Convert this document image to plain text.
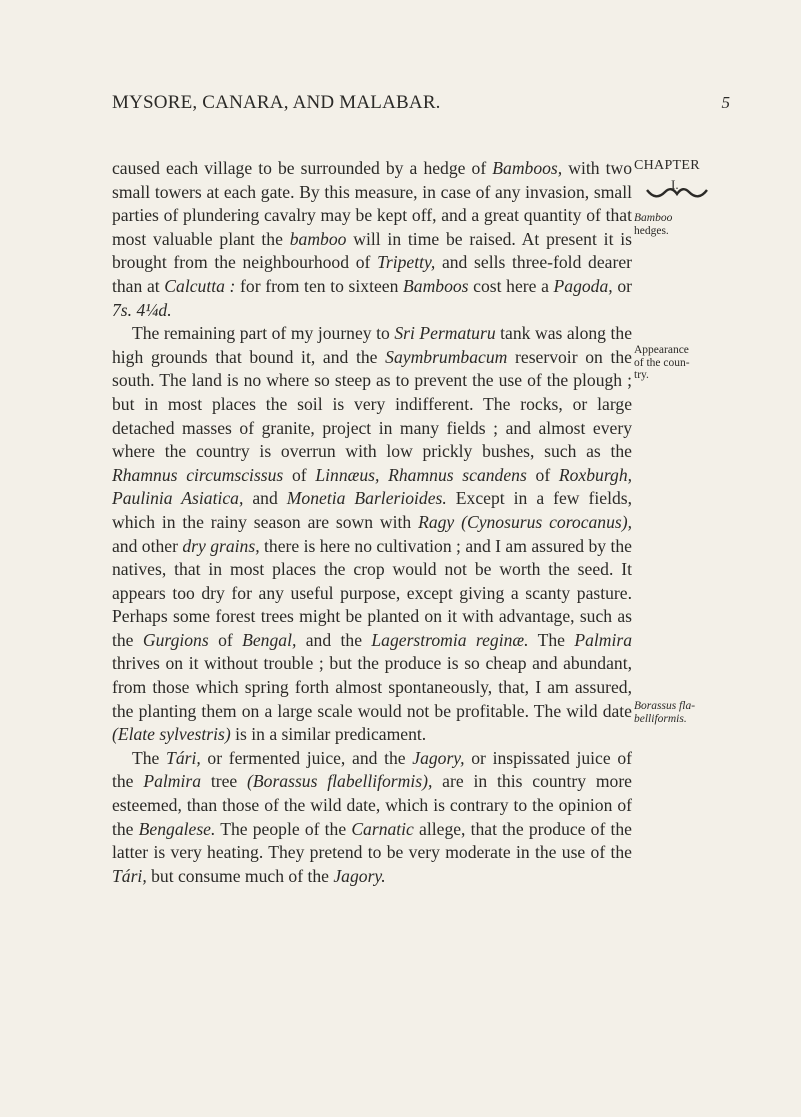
MYSORE, CANARA, AND MALABAR.	5
CHAPTER
I.
Bamboo
hedges.
Appearance
of the coun-
try.
Borassus fla-
belliformis.

caused each village to be surrounded by a hedge of Bamboos, with two small towers at each gate. By this measure, in case of any invasion, small parties of plundering cavalry may be kept off, and a great quantity of that most valuable plant the bamboo will in time be raised. At present it is brought from the neighbourhood of Tripetty, and sells three-fold dearer than at Calcutta : for from ten to sixteen Bamboos cost here a Pagoda, or 7s. 4¼d.

The remaining part of my journey to Sri Permaturu tank was along the high grounds that bound it, and the Saymbrumbacum reservoir on the south. The land is no where so steep as to prevent the use of the plough ; but in most places the soil is very indifferent. The rocks, or large detached masses of granite, project in many fields ; and almost every where the country is overrun with low prickly bushes, such as the Rhamnus circumscissus of Linnæus, Rhamnus scandens of Roxburgh, Paulinia Asiatica, and Monetia Barlerioides. Except in a few fields, which in the rainy season are sown with Ragy (Cynosurus corocanus), and other dry grains, there is here no cultivation ; and I am assured by the natives, that in most places the crop would not be worth the seed. It appears too dry for any useful purpose, except giving a scanty pasture. Perhaps some forest trees might be planted on it with advantage, such as the Gurgions of Bengal, and the Lagerstromia reginæ. The Palmira thrives on it without trouble ; but the produce is so cheap and abundant, from those which spring forth almost spontaneously, that, I am assured, the planting them on a large scale would not be profitable. The wild date (Elate sylvestris) is in a similar predicament.

The Tári, or fermented juice, and the Jagory, or inspissated juice of the Palmira tree (Borassus flabelliformis), are in this country more esteemed, than those of the wild date, which is contrary to the opinion of the Bengalese. The people of the Carnatic allege, that the produce of the latter is very heating. They pretend to be very moderate in the use of the Tári, but consume much of the Jagory.
